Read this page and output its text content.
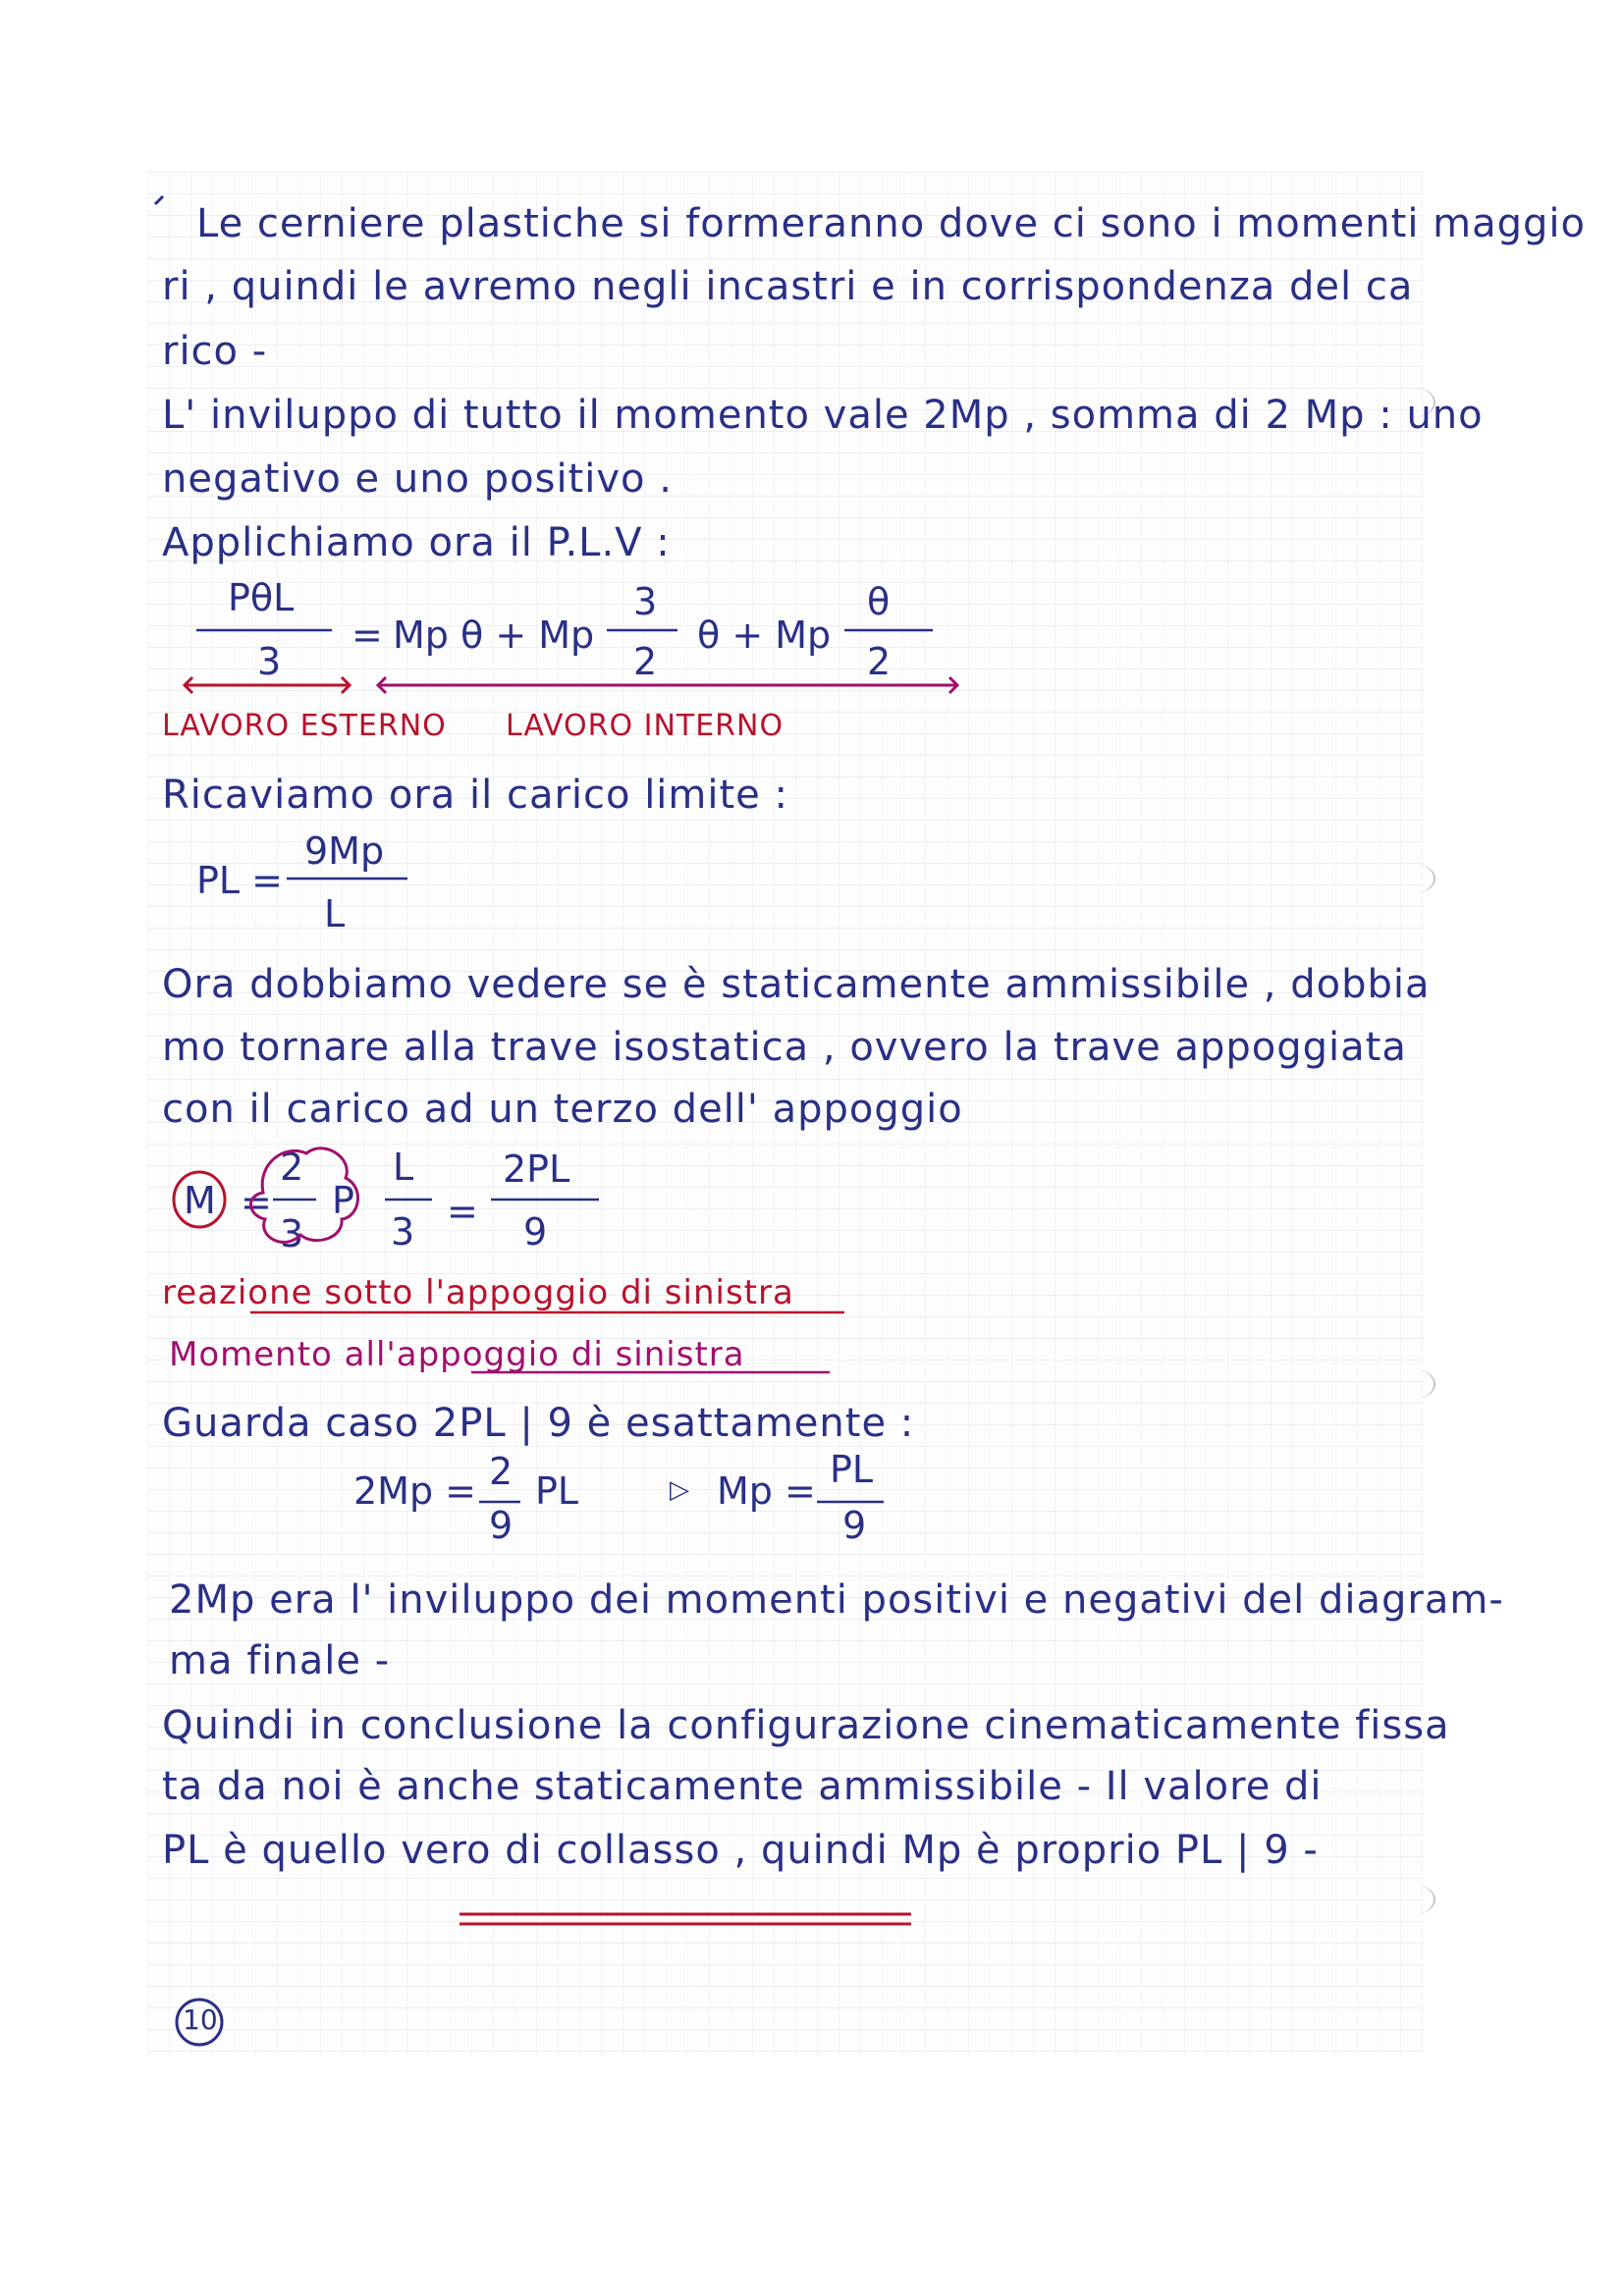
Le cerniere plastiche si formeranno dove ci sono i momenti maggio
ri , quindi le avremo negli incastri e in corrispondenza del ca
rico -
L' inviluppo di tutto il momento vale 2Mp , somma di 2 Mp : uno
negativo e uno positivo .
Applichiamo ora il P.L.V :
PθL
3
= Mp θ + Mp
3
2
θ + Mp
θ
2
LAVORO ESTERNO LAVORO INTERNO
Ricaviamo ora il carico limite :
PL =
9Mp
L
Ora dobbiamo vedere se è staticamente ammissibile , dobbia
mo tornare alla trave isostatica , ovvero la trave appoggiata
con il carico ad un terzo dell' appoggio
M =
2
3
P
L
3 =
2PL
9
reazione sotto l'appoggio di sinistra
Momento all'appoggio di sinistra
Guarda caso 2PL | 9 è esattamente :
2Mp = 2
9
PL	▷ Mp = PL
9
2Mp era l' inviluppo dei momenti positivi e negativi del diagram-
ma finale -
Quindi in conclusione la configurazione cinematicamente fissa
ta da noi è anche staticamente ammissibile - Il valore di
PL è quello vero di collasso , quindi Mp è proprio PL | 9 -
10
